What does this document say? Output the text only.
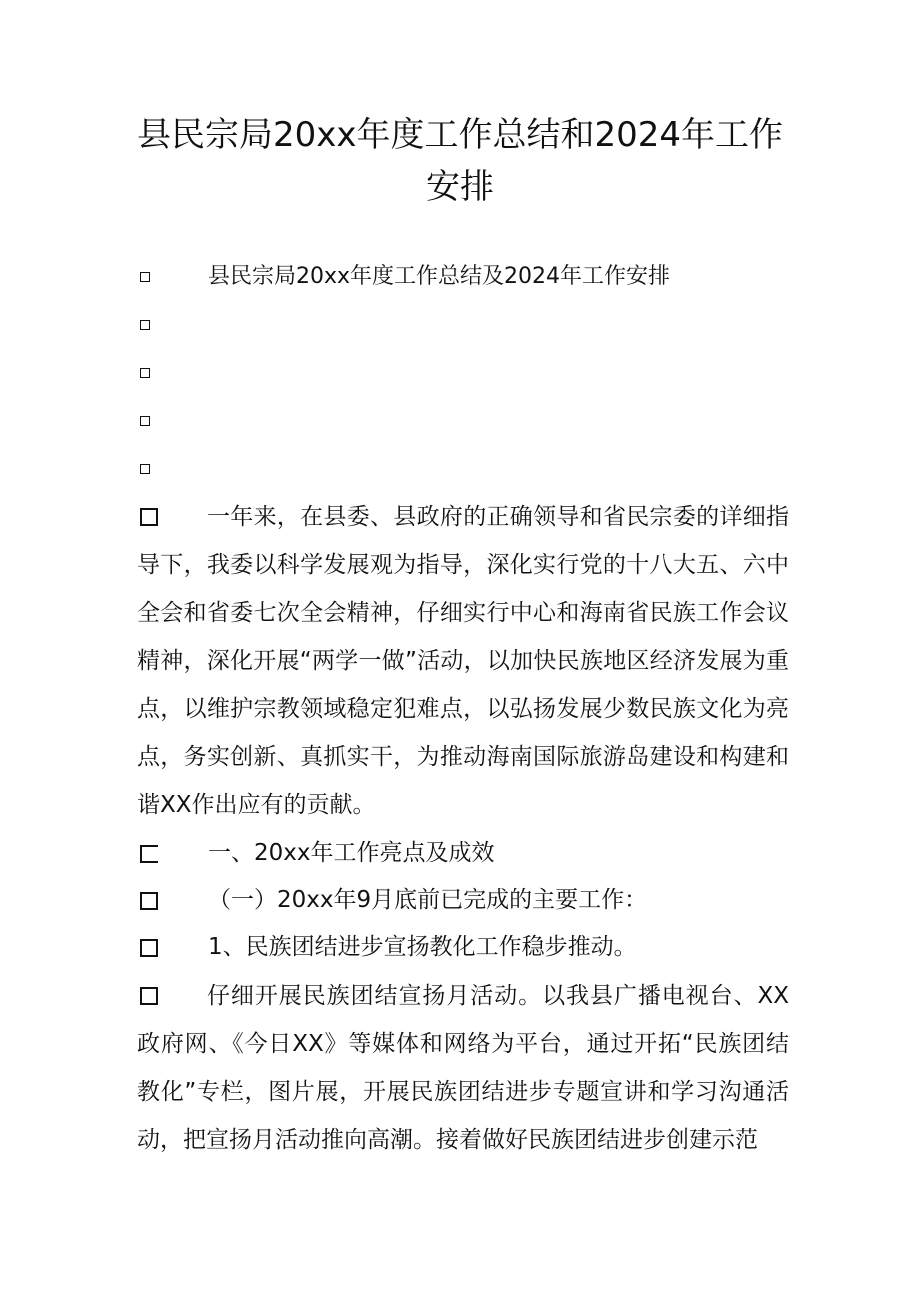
县民宗局20xx年度工作总结和2024年工作
安排
县民宗局20xx年度工作总结及2024年工作安排
一年来，在县委、县政府的正确领导和省民宗委的详细指导下，我委以科学发展观为指导，深化实行党的十八大五、六中全会和省委七次全会精神，仔细实行中心和海南省民族工作会议精神，深化开展“两学一做”活动，以加快民族地区经济发展为重点，以维护宗教领域稳定犯难点，以弘扬发展少数民族文化为亮点，务实创新、真抓实干，为推动海南国际旅游岛建设和构建和谐XX作出应有的贡献。
一、20xx年工作亮点及成效
（一）20xx年9月底前已完成的主要工作：
1、民族团结进步宣扬教化工作稳步推动。
仔细开展民族团结宣扬月活动。以我县广播电视台、XX政府网、《今日XX》等媒体和网络为平台，通过开拓“民族团结教化”专栏，图片展，开展民族团结进步专题宣讲和学习沟通活动，把宣扬月活动推向高潮。接着做好民族团结进步创建示范
